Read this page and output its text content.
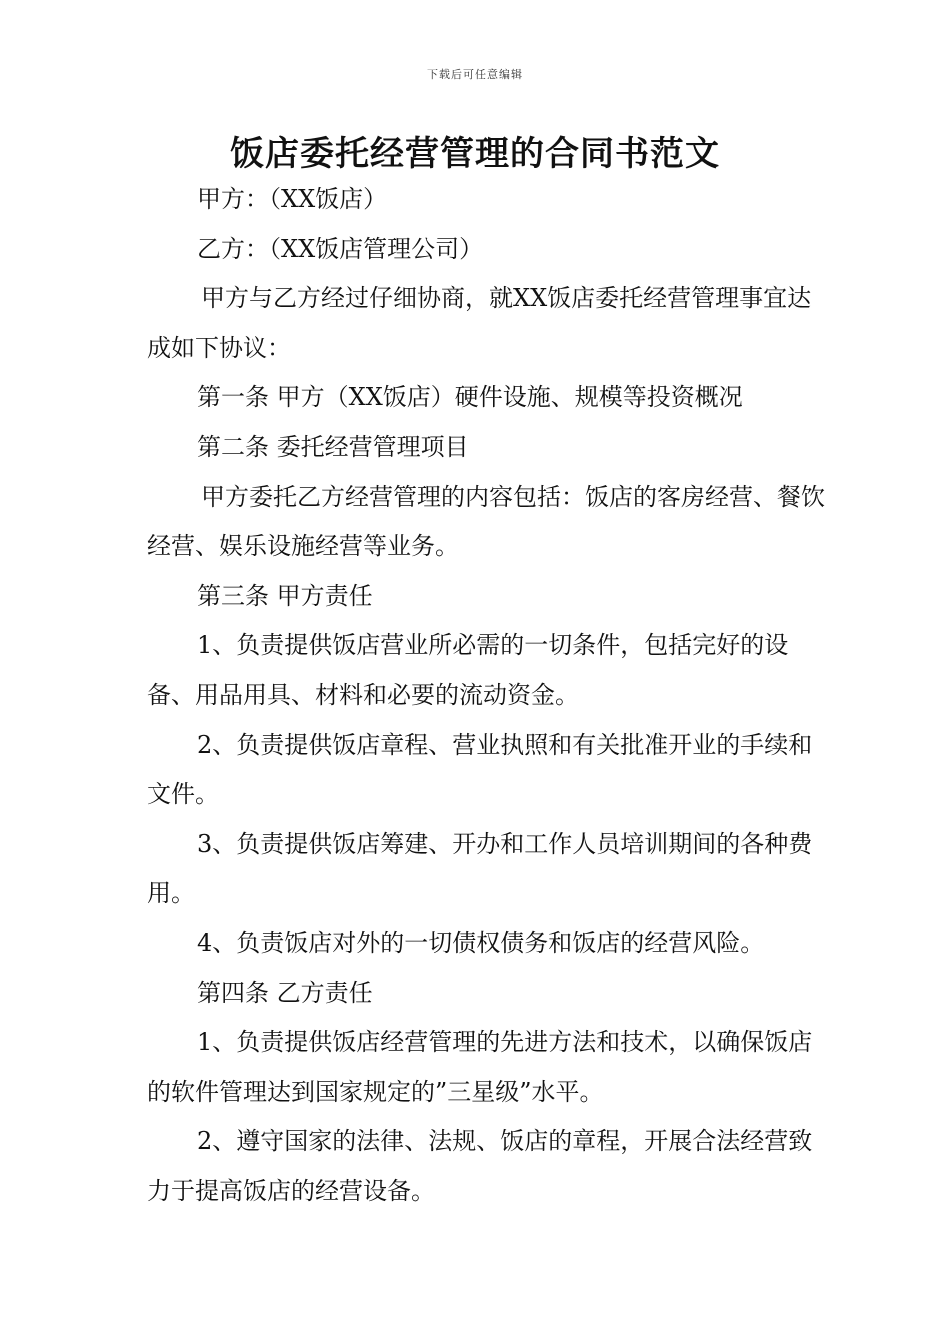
下载后可任意编辑
饭店委托经营管理的合同书范文

甲方：（XX饭店）

乙方：（XX饭店管理公司）

甲方与乙方经过仔细协商，就XX饭店委托经营管理事宜达成如下协议：

第一条 甲方（XX饭店）硬件设施、规模等投资概况

第二条 委托经营管理项目

甲方委托乙方经营管理的内容包括：饭店的客房经营、餐饮经营、娱乐设施经营等业务。

第三条 甲方责任

1、负责提供饭店营业所必需的一切条件，包括完好的设备、用品用具、材料和必要的流动资金。

2、负责提供饭店章程、营业执照和有关批准开业的手续和文件。

3、负责提供饭店筹建、开办和工作人员培训期间的各种费用。

4、负责饭店对外的一切债权债务和饭店的经营风险。

第四条 乙方责任

1、负责提供饭店经营管理的先进方法和技术，以确保饭店的软件管理达到国家规定的”三星级”水平。

2、遵守国家的法律、法规、饭店的章程，开展合法经营致力于提高饭店的经营设备。
